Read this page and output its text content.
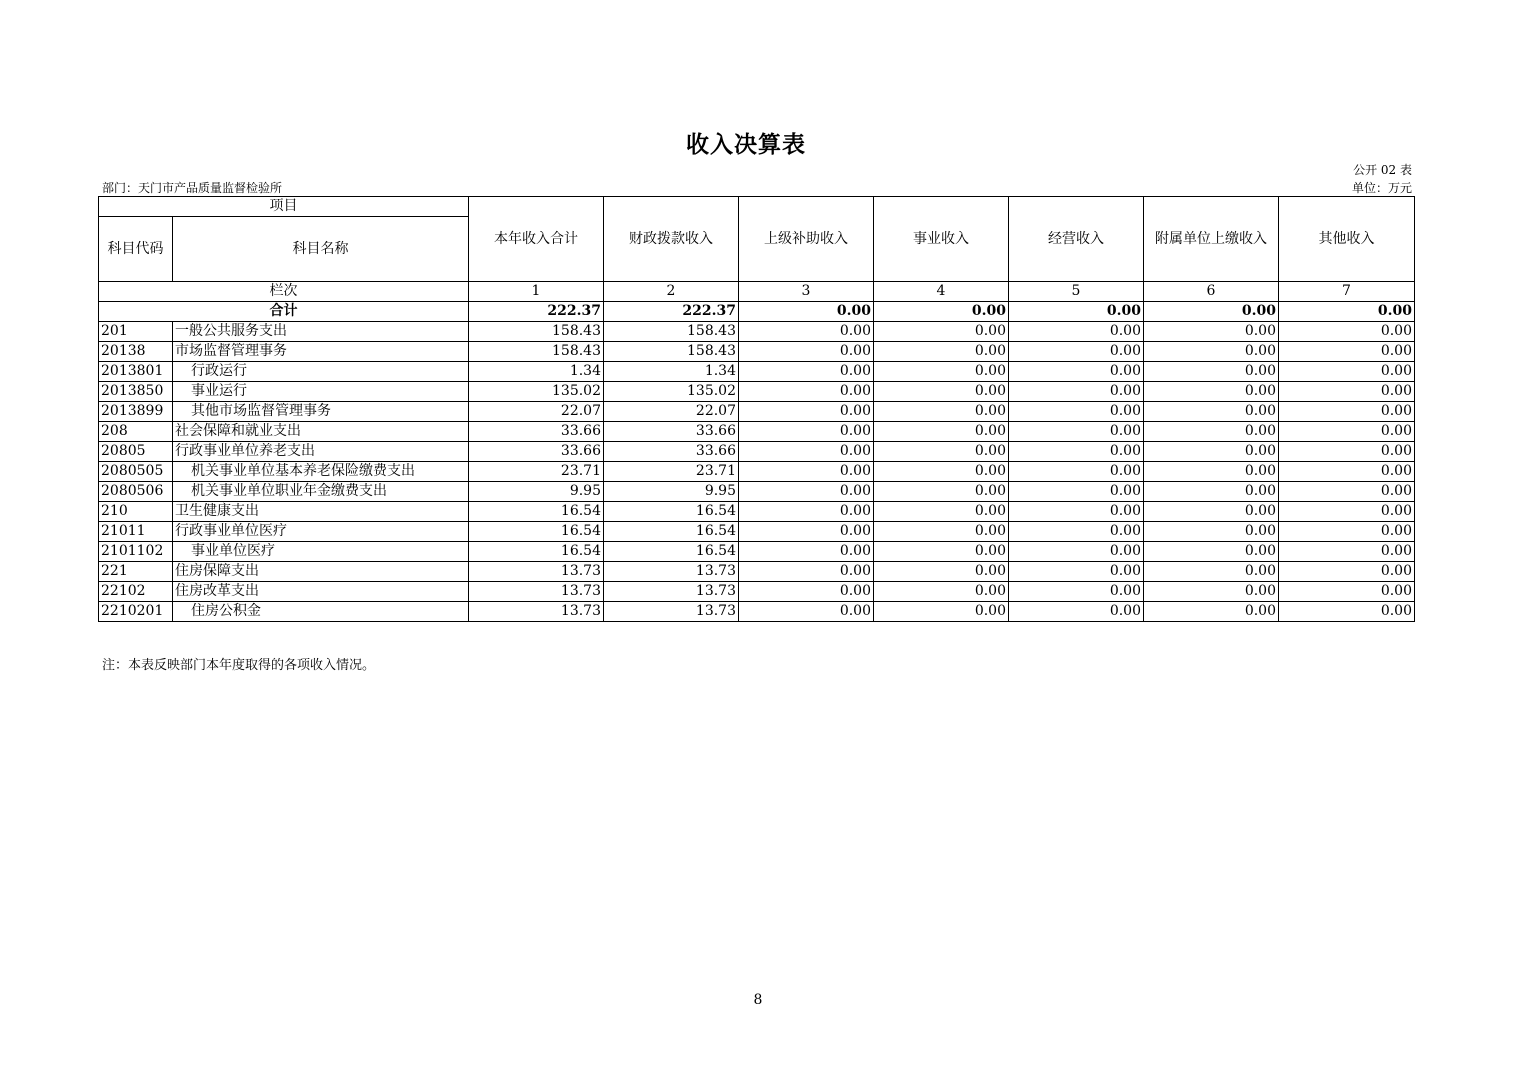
收入决算表
公开 02 表
部门：天门市产品质量监督检验所	单位：万元
项目		本年收入合计	财政拨款收入	上级补助收入	事业收入	经营收入	附属单位上缴收入	其他收入
科目代码	科目名称							
栏次		1	2	3	4	5	6	7
合计		222.37	222.37	0.00	0.00	0.00	0.00	0.00
201	一般公共服务支出	158.43	158.43	0.00	0.00	0.00	0.00	0.00
20138	市场监督管理事务	158.43	158.43	0.00	0.00	0.00	0.00	0.00
2013801	行政运行	1.34	1.34	0.00	0.00	0.00	0.00	0.00
2013850	事业运行	135.02	135.02	0.00	0.00	0.00	0.00	0.00
2013899	其他市场监督管理事务	22.07	22.07	0.00	0.00	0.00	0.00	0.00
208	社会保障和就业支出	33.66	33.66	0.00	0.00	0.00	0.00	0.00
20805	行政事业单位养老支出	33.66	33.66	0.00	0.00	0.00	0.00	0.00
2080505	机关事业单位基本养老保险缴费支出	23.71	23.71	0.00	0.00	0.00	0.00	0.00
2080506	机关事业单位职业年金缴费支出	9.95	9.95	0.00	0.00	0.00	0.00	0.00
210	卫生健康支出	16.54	16.54	0.00	0.00	0.00	0.00	0.00
21011	行政事业单位医疗	16.54	16.54	0.00	0.00	0.00	0.00	0.00
2101102	事业单位医疗	16.54	16.54	0.00	0.00	0.00	0.00	0.00
221	住房保障支出	13.73	13.73	0.00	0.00	0.00	0.00	0.00
22102	住房改革支出	13.73	13.73	0.00	0.00	0.00	0.00	0.00
2210201	住房公积金	13.73	13.73	0.00	0.00	0.00	0.00	0.00
注：本表反映部门本年度取得的各项收入情况。
8
